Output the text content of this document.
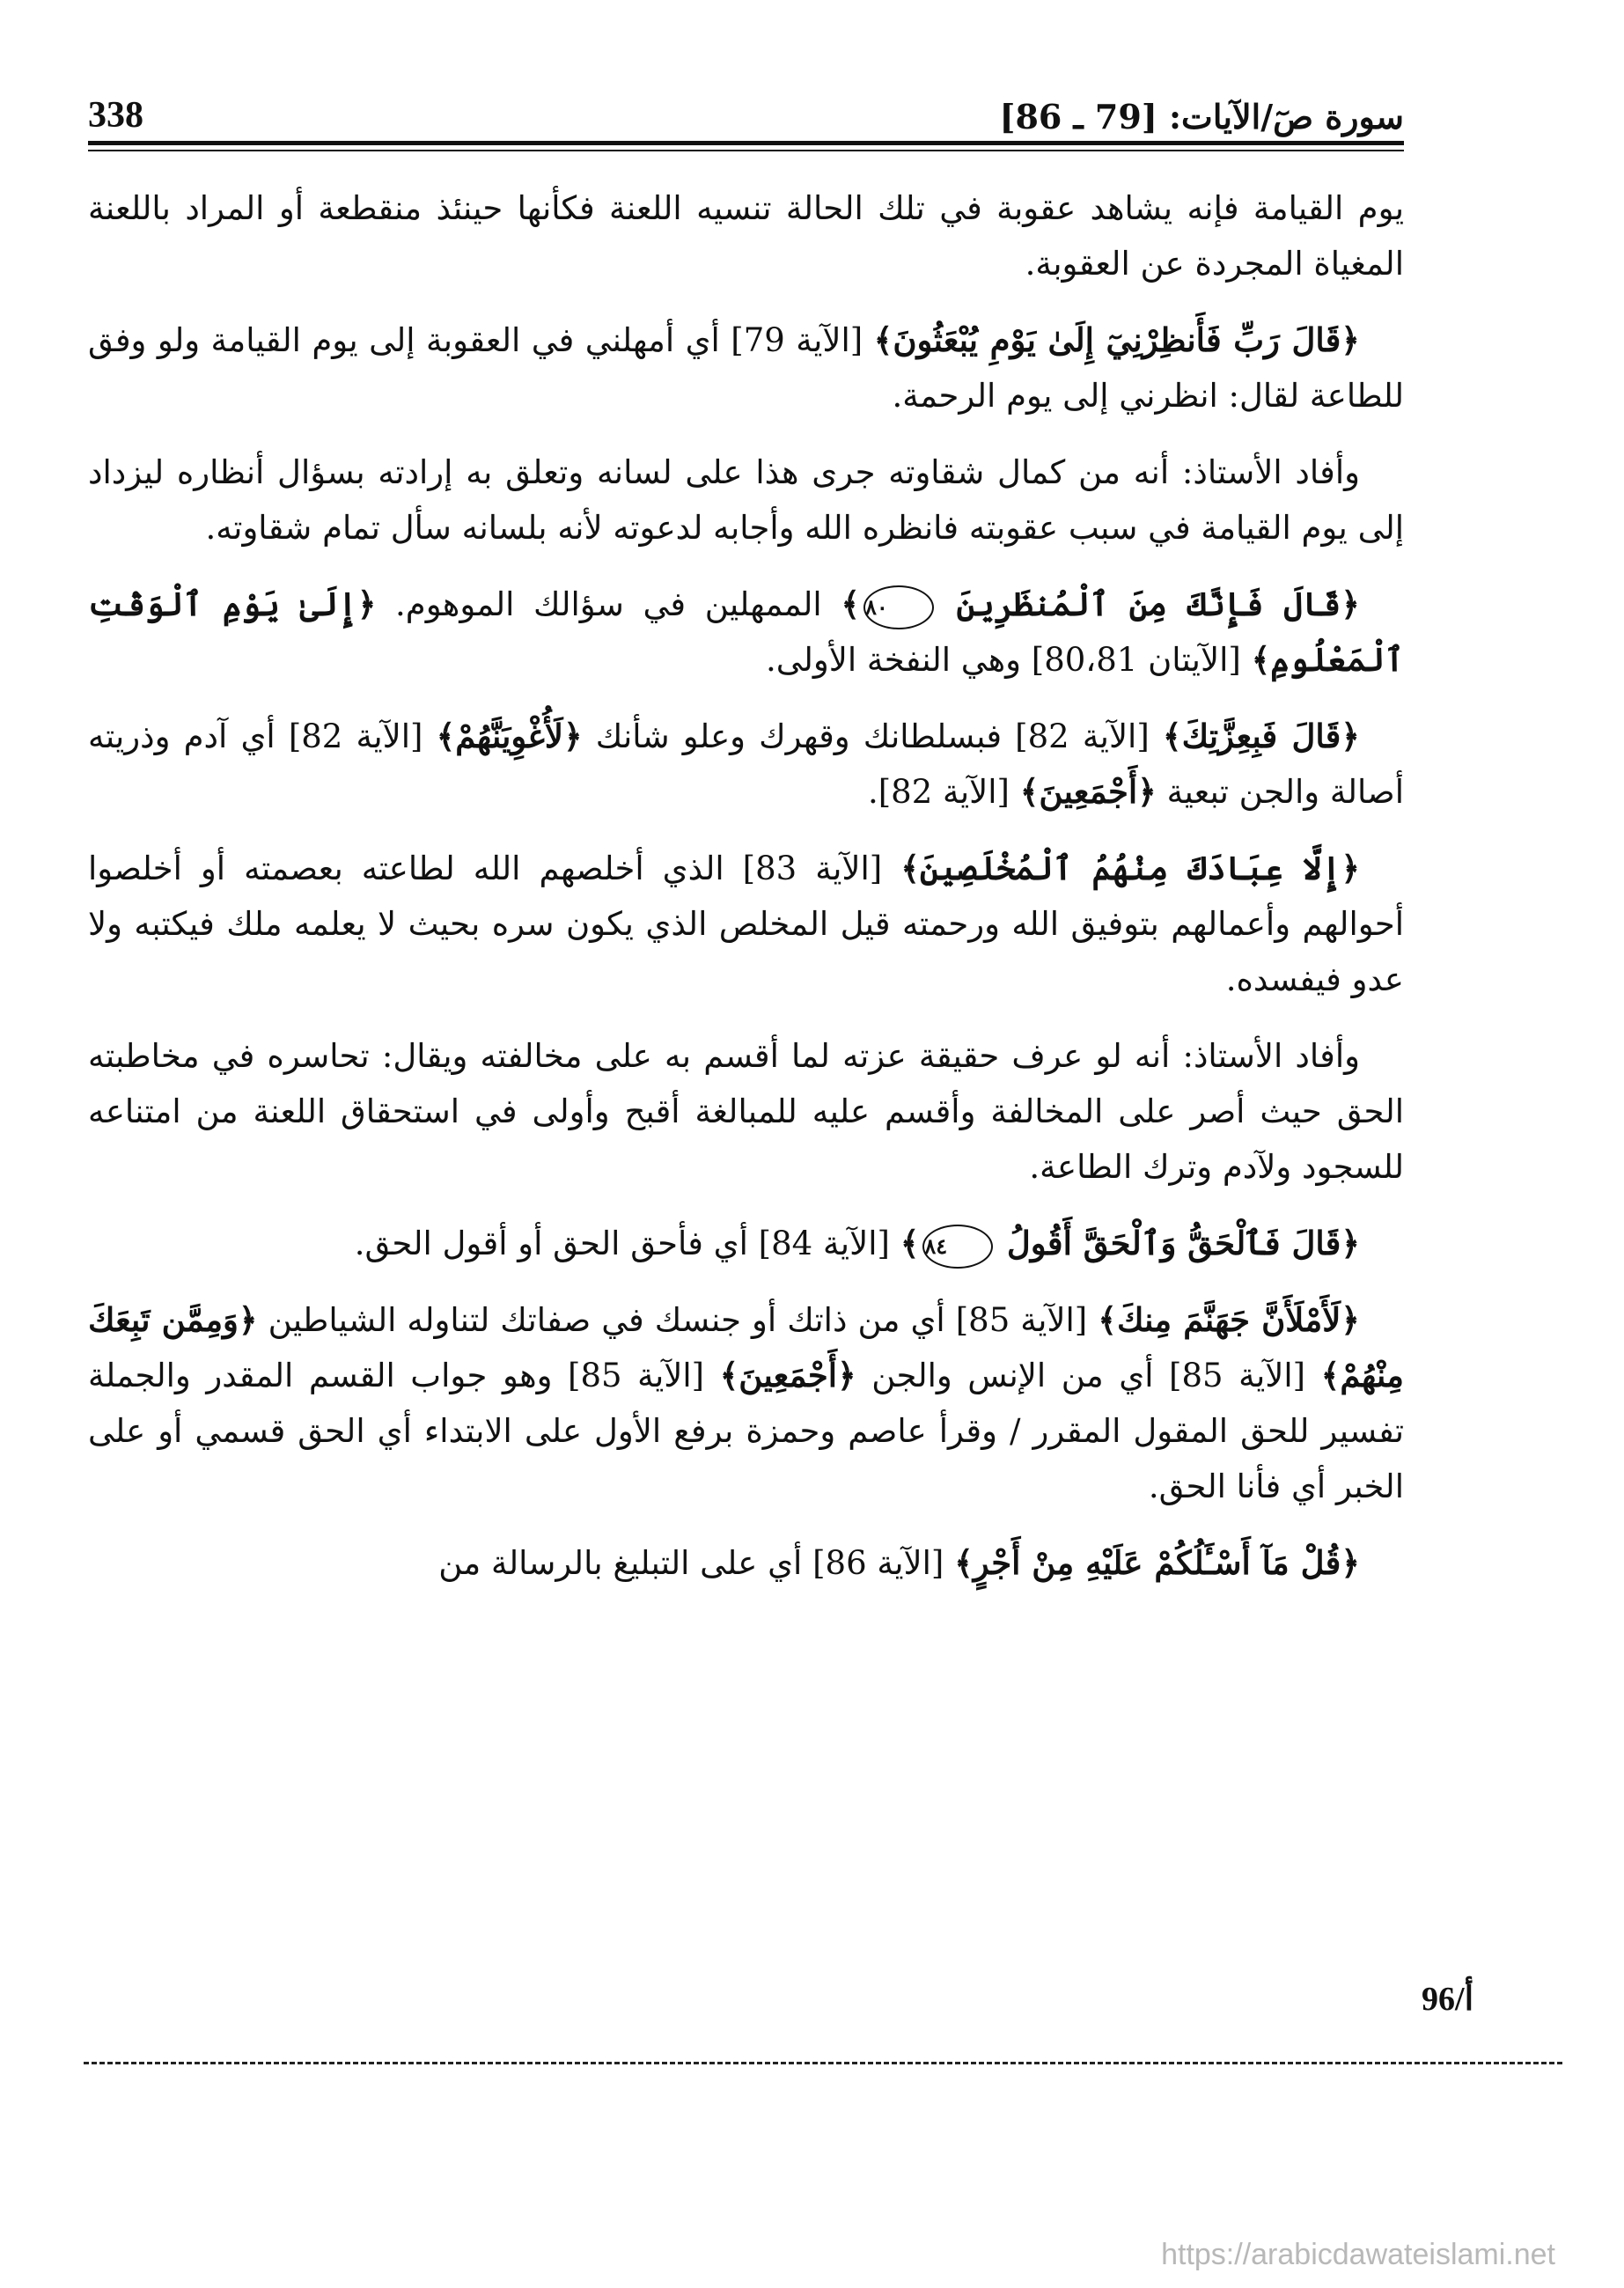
سورة صٓ/الآيات: [79 ـ 86]
338

يوم القيامة فإنه يشاهد عقوبة في تلك الحالة تنسيه اللعنة فكأنها حينئذ منقطعة أو المراد باللعنة المغياة المجردة عن العقوبة.

﴿قَالَ رَبِّ فَأَنظِرْنِيٓ إِلَىٰ يَوْمِ يُبْعَثُونَ﴾ [الآية 79] أي أمهلني في العقوبة إلى يوم القيامة ولو وفق للطاعة لقال: انظرني إلى يوم الرحمة.

وأفاد الأستاذ: أنه من كمال شقاوته جرى هذا على لسانه وتعلق به إرادته بسؤال أنظاره ليزداد إلى يوم القيامة في سبب عقوبته فانظره الله وأجابه لدعوته لأنه بلسانه سأل تمام شقاوته.

﴿قَالَ فَإِنَّكَ مِنَ ٱلْمُنظَرِينَ ٨٠﴾ الممهلين في سؤالك الموهوم. ﴿إِلَىٰ يَوْمِ ٱلْوَقْتِ ٱلْمَعْلُومِ﴾ [الآيتان 80،81] وهي النفخة الأولى.

﴿قَالَ فَبِعِزَّتِكَ﴾ [الآية 82] فبسلطانك وقهرك وعلو شأنك ﴿لَأُغْوِيَنَّهُمْ﴾ [الآية 82] أي آدم وذريته أصالة والجن تبعية ﴿أَجْمَعِينَ﴾ [الآية 82].

﴿إِلَّا عِبَادَكَ مِنْهُمُ ٱلْمُخْلَصِينَ﴾ [الآية 83] الذي أخلصهم الله لطاعته بعصمته أو أخلصوا أحوالهم وأعمالهم بتوفيق الله ورحمته قيل المخلص الذي يكون سره بحيث لا يعلمه ملك فيكتبه ولا عدو فيفسده.

وأفاد الأستاذ: أنه لو عرف حقيقة عزته لما أقسم به على مخالفته ويقال: تحاسره في مخاطبته الحق حيث أصر على المخالفة وأقسم عليه للمبالغة أقبح وأولى في استحقاق اللعنة من امتناعه للسجود ولآدم وترك الطاعة.

﴿قَالَ فَٱلْحَقُّ وَٱلْحَقَّ أَقُولُ ٨٤﴾ [الآية 84] أي فأحق الحق أو أقول الحق.

﴿لَأَمْلَأَنَّ جَهَنَّمَ مِنكَ﴾ [الآية 85] أي من ذاتك أو جنسك في صفاتك لتناوله الشياطين ﴿وَمِمَّن تَبِعَكَ مِنْهُمْ﴾ [الآية 85] أي من الإنس والجن ﴿أَجْمَعِينَ﴾ [الآية 85] وهو جواب القسم المقدر والجملة تفسير للحق المقول المقرر / وقرأ عاصم وحمزة برفع الأول على الابتداء أي الحق قسمي أو على الخبر أي فأنا الحق.

﴿قُلْ مَآ أَسْـَٔلُكُمْ عَلَيْهِ مِنْ أَجْرٍ﴾ [الآية 86] أي على التبليغ بالرسالة من

96/أ
https://arabicdawateislami.net
